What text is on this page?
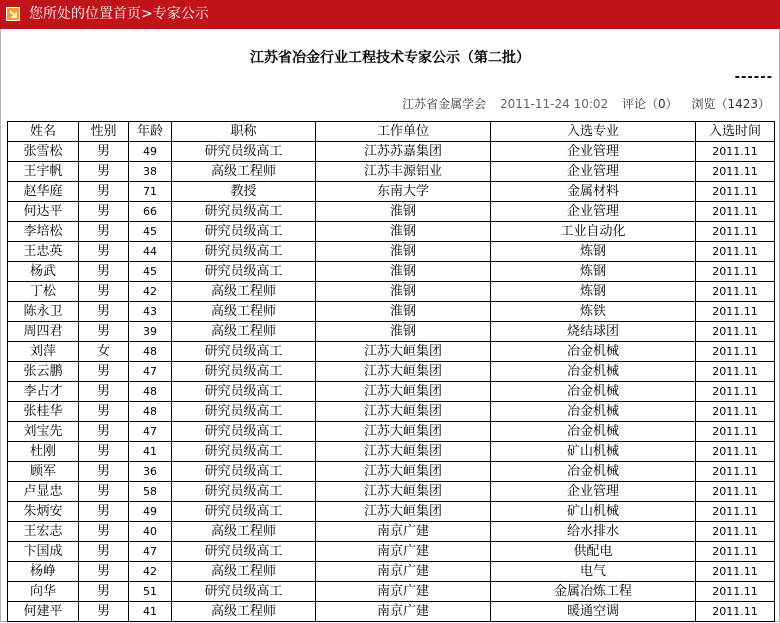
您所处的位置首页>专家公示
江苏省冶金行业工程技术专家公示（第二批）
------
江苏省金属学会 2011-11-24 10:02 评论（0） 浏览（1423）
姓名	性别	年龄	职称	工作单位	入选专业	入选时间
张雪松	男	49	研究员级高工	江苏苏嘉集团	企业管理	2011.11
王宇帆	男	38	高级工程师	江苏丰源铝业	企业管理	2011.11
赵华庭	男	71	教授	东南大学	金属材料	2011.11
何达平	男	66	研究员级高工	淮钢	企业管理	2011.11
李培松	男	45	研究员级高工	淮钢	工业自动化	2011.11
王忠英	男	44	研究员级高工	淮钢	炼钢	2011.11
杨武	男	45	研究员级高工	淮钢	炼钢	2011.11
丁松	男	42	高级工程师	淮钢	炼钢	2011.11
陈永卫	男	43	高级工程师	淮钢	炼铁	2011.11
周四君	男	39	高级工程师	淮钢	烧结球团	2011.11
刘萍	女	48	研究员级高工	江苏大峘集团	冶金机械	2011.11
张云鹏	男	47	研究员级高工	江苏大峘集团	冶金机械	2011.11
李占才	男	48	研究员级高工	江苏大峘集团	冶金机械	2011.11
张桂华	男	48	研究员级高工	江苏大峘集团	冶金机械	2011.11
刘宝先	男	47	研究员级高工	江苏大峘集团	冶金机械	2011.11
杜刚	男	41	研究员级高工	江苏大峘集团	矿山机械	2011.11
顾军	男	36	研究员级高工	江苏大峘集团	冶金机械	2011.11
卢显忠	男	58	研究员级高工	江苏大峘集团	企业管理	2011.11
朱炳安	男	49	研究员级高工	江苏大峘集团	矿山机械	2011.11
王宏志	男	40	高级工程师	南京广建	给水排水	2011.11
卞国成	男	47	研究员级高工	南京广建	供配电	2011.11
杨峥	男	42	高级工程师	南京广建	电气	2011.11
向华	男	51	研究员级高工	南京广建	金属冶炼工程	2011.11
何建平	男	41	高级工程师	南京广建	暖通空调	2011.11
